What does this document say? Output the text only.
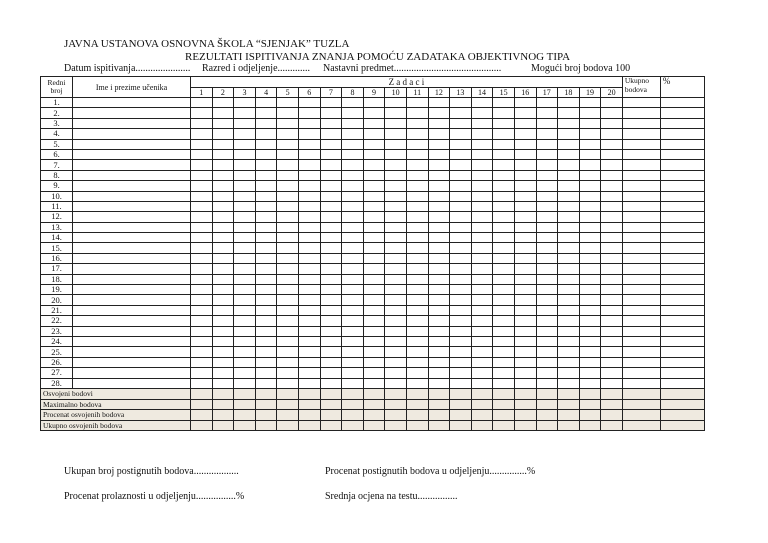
JAVNA USTANOVA OSNOVNA ŠKOLA “SJENJAK” TUZLA
REZULTATI ISPITIVANJA ZNANJA POMOĆU ZADATAKA OBJEKTIVNOG TIPA
Datum ispitivanja...................... Razred i odjeljenje............. Nastavni predmet...........................................	Mogući broj bodova 100
Redni broj	Ime i prezime učenika	Z a d a c i																				Ukupno bodova	%
		1	2	3	4	5	6	7	8	9	10	11	12	13	14	15	16	17	18	19	20		
1.																							
2.																							
3.																							
4.																							
5.																							
6.																							
7.																							
8.																							
9.																							
10.																							
11.																							
12.																							
13.																							
14.																							
15.																							
16.																							
17.																							
18.																							
19.																							
20.																							
21.																							
22.																							
23.																							
24.																							
25.																							
26.																							
27.																							
28.																							
Osvojeni bodovi																							
Maximalno bodova																							
Procenat osvojenih bodova																							
Ukupno osvojenih bodova																							
Ukupan broj postignutih bodova..................	Procenat postignutih bodova u odjeljenju...............%
Procenat prolaznosti u odjeljenju................%	Srednja ocjena na testu................
